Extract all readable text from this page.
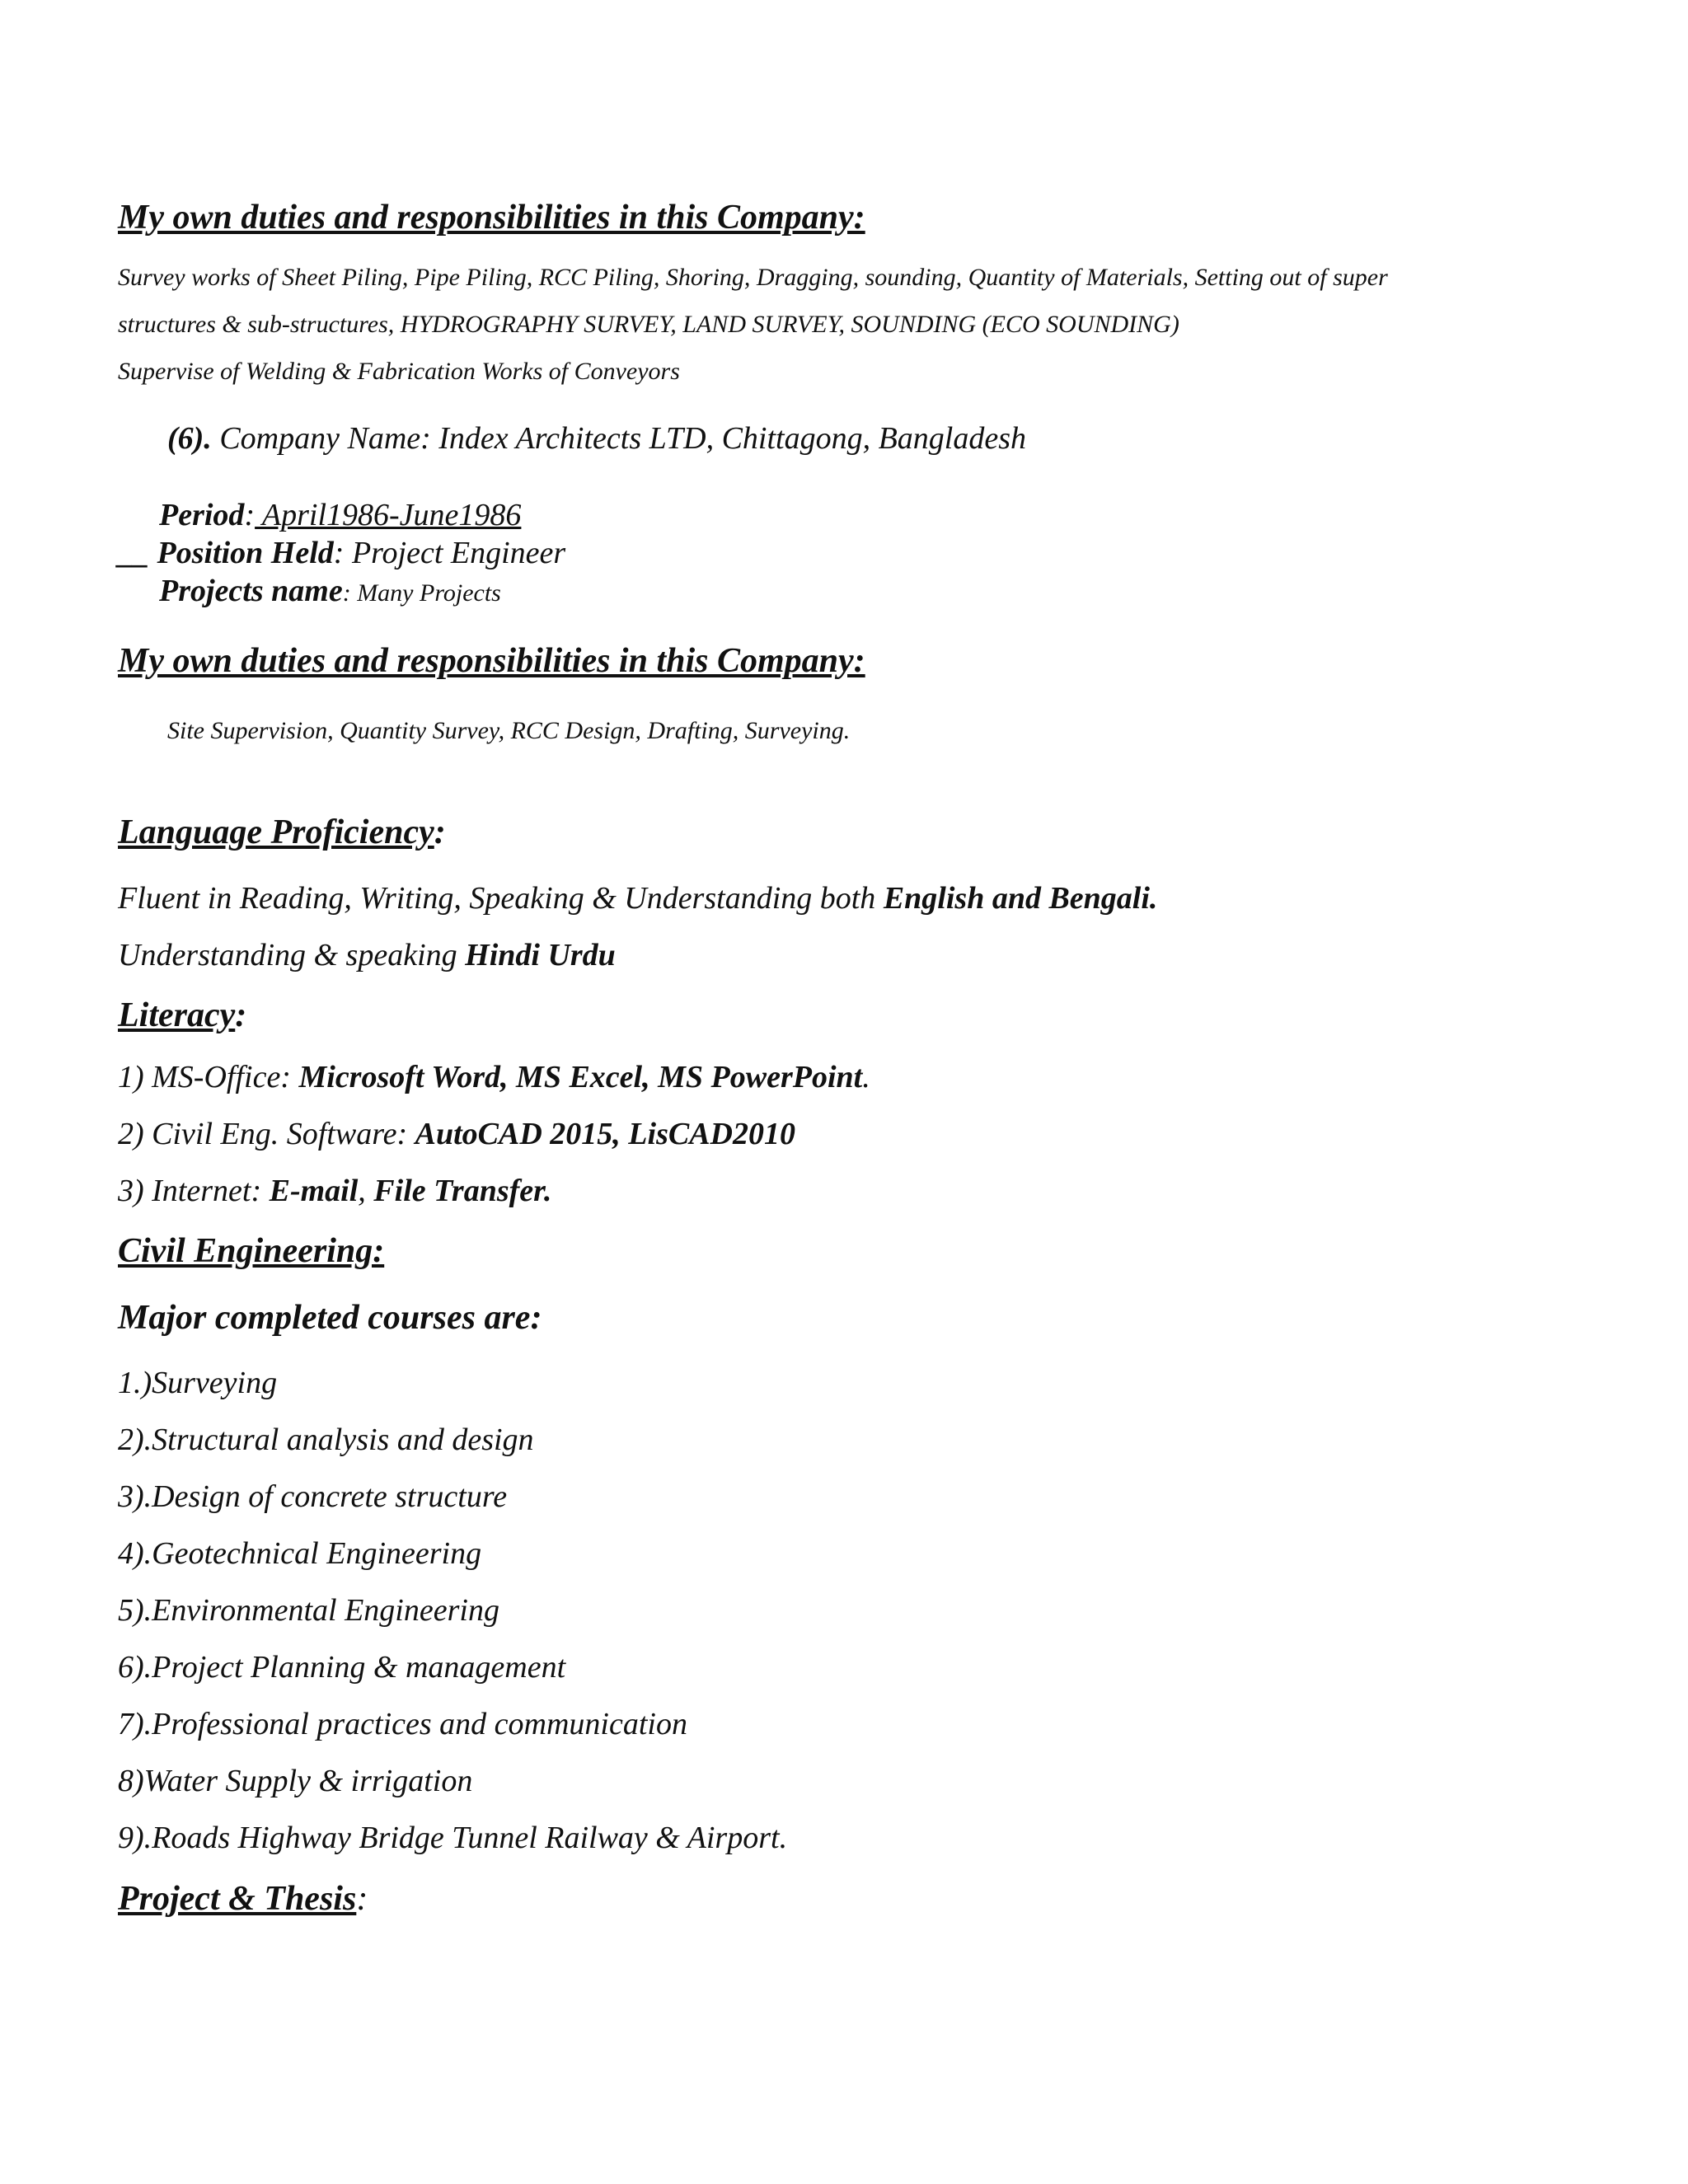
My own duties and responsibilities in this Company:
Survey works of Sheet Piling, Pipe Piling, RCC Piling, Shoring, Dragging, sounding, Quantity of Materials, Setting out of super
structures & sub-structures, HYDROGRAPHY SURVEY, LAND SURVEY, SOUNDING (ECO SOUNDING)
Supervise of Welding & Fabrication Works of Conveyors
(6). Company Name: Index Architects LTD, Chittagong, Bangladesh
Period: April1986-June1986
__ Position Held: Project Engineer
Projects name: Many Projects
My own duties and responsibilities in this Company:
Site Supervision, Quantity Survey, RCC Design, Drafting, Surveying.
Language Proficiency:
Fluent in Reading, Writing, Speaking & Understanding both English and Bengali.
Understanding & speaking Hindi Urdu
Literacy:
1) MS-Office: Microsoft Word, MS Excel, MS PowerPoint.
2) Civil Eng. Software: AutoCAD 2015, LisCAD2010
3) Internet: E-mail, File Transfer.
Civil Engineering:
Major completed courses are:
1.)Surveying
2).Structural analysis and design
3).Design of concrete structure
4).Geotechnical Engineering
5).Environmental Engineering
6).Project Planning & management
7).Professional practices and communication
8)Water Supply & irrigation
9).Roads Highway Bridge Tunnel Railway & Airport.
Project & Thesis:
